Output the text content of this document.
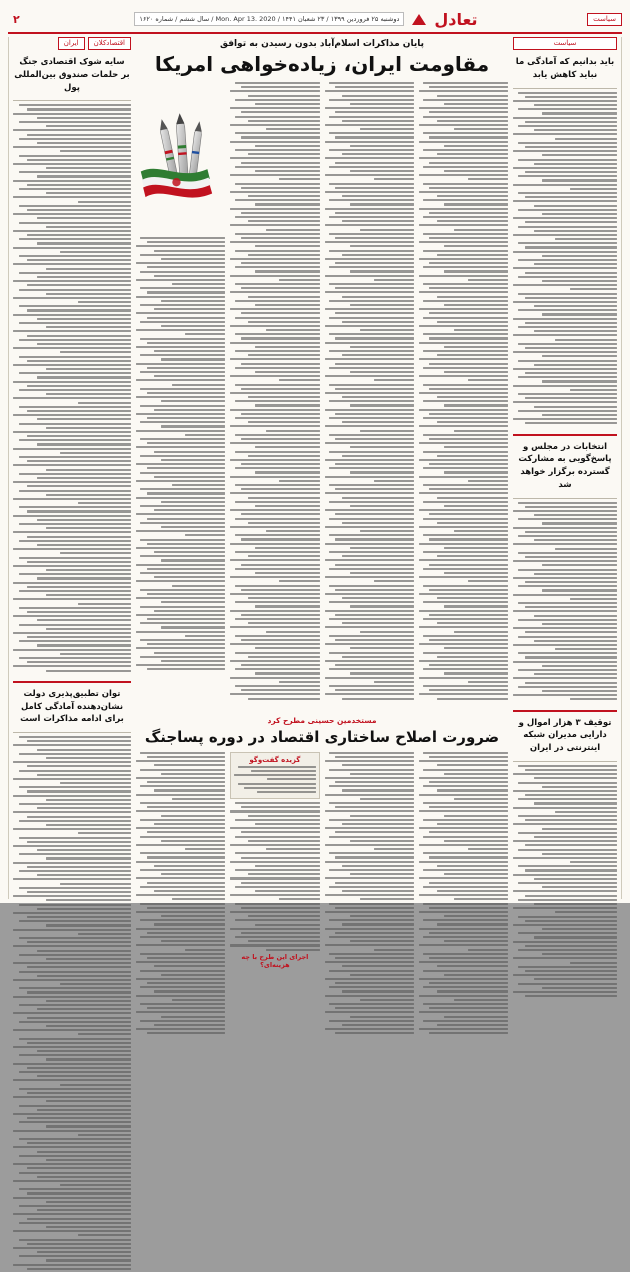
۲	تعادل
دوشنبه ۲۵ فروردین ۱۳۹۹ / ۲۳ شعبان ۱۴۴۱ / Mon. Apr 13. 2020 / سال ششم / شماره ۱۶۲۰	سیاست
سیاست
باید بدانیم که آمادگی ما نباید کاهش یابد
انتخابات در مجلس و پاسخ‌گویی به مشارکت گسترده برگزار خواهد شد
توقیف ۳ هزار اموال و دارایی مدیران شبکه اینترنتی در ایران
پایان مذاکرات اسلام‌آباد بدون رسیدن به توافق
مقاومت ایران، زیاده‌خواهی امریکا
مستخدمین حسینی مطرح کرد
ضرورت اصلاح ساختاری اقتصاد در دوره پساجنگ
گزیده گفت‌وگو
اجرای این طرح با چه هزینه‌ای؟
اقتصادکلان
ایران
سایه شوک اقتصادی جنگ بر حلمات صندوق بین‌المللی پول
توان تطبیق‌پذیری دولت نشان‌دهنده آمادگی کامل برای ادامه مذاکرات است
